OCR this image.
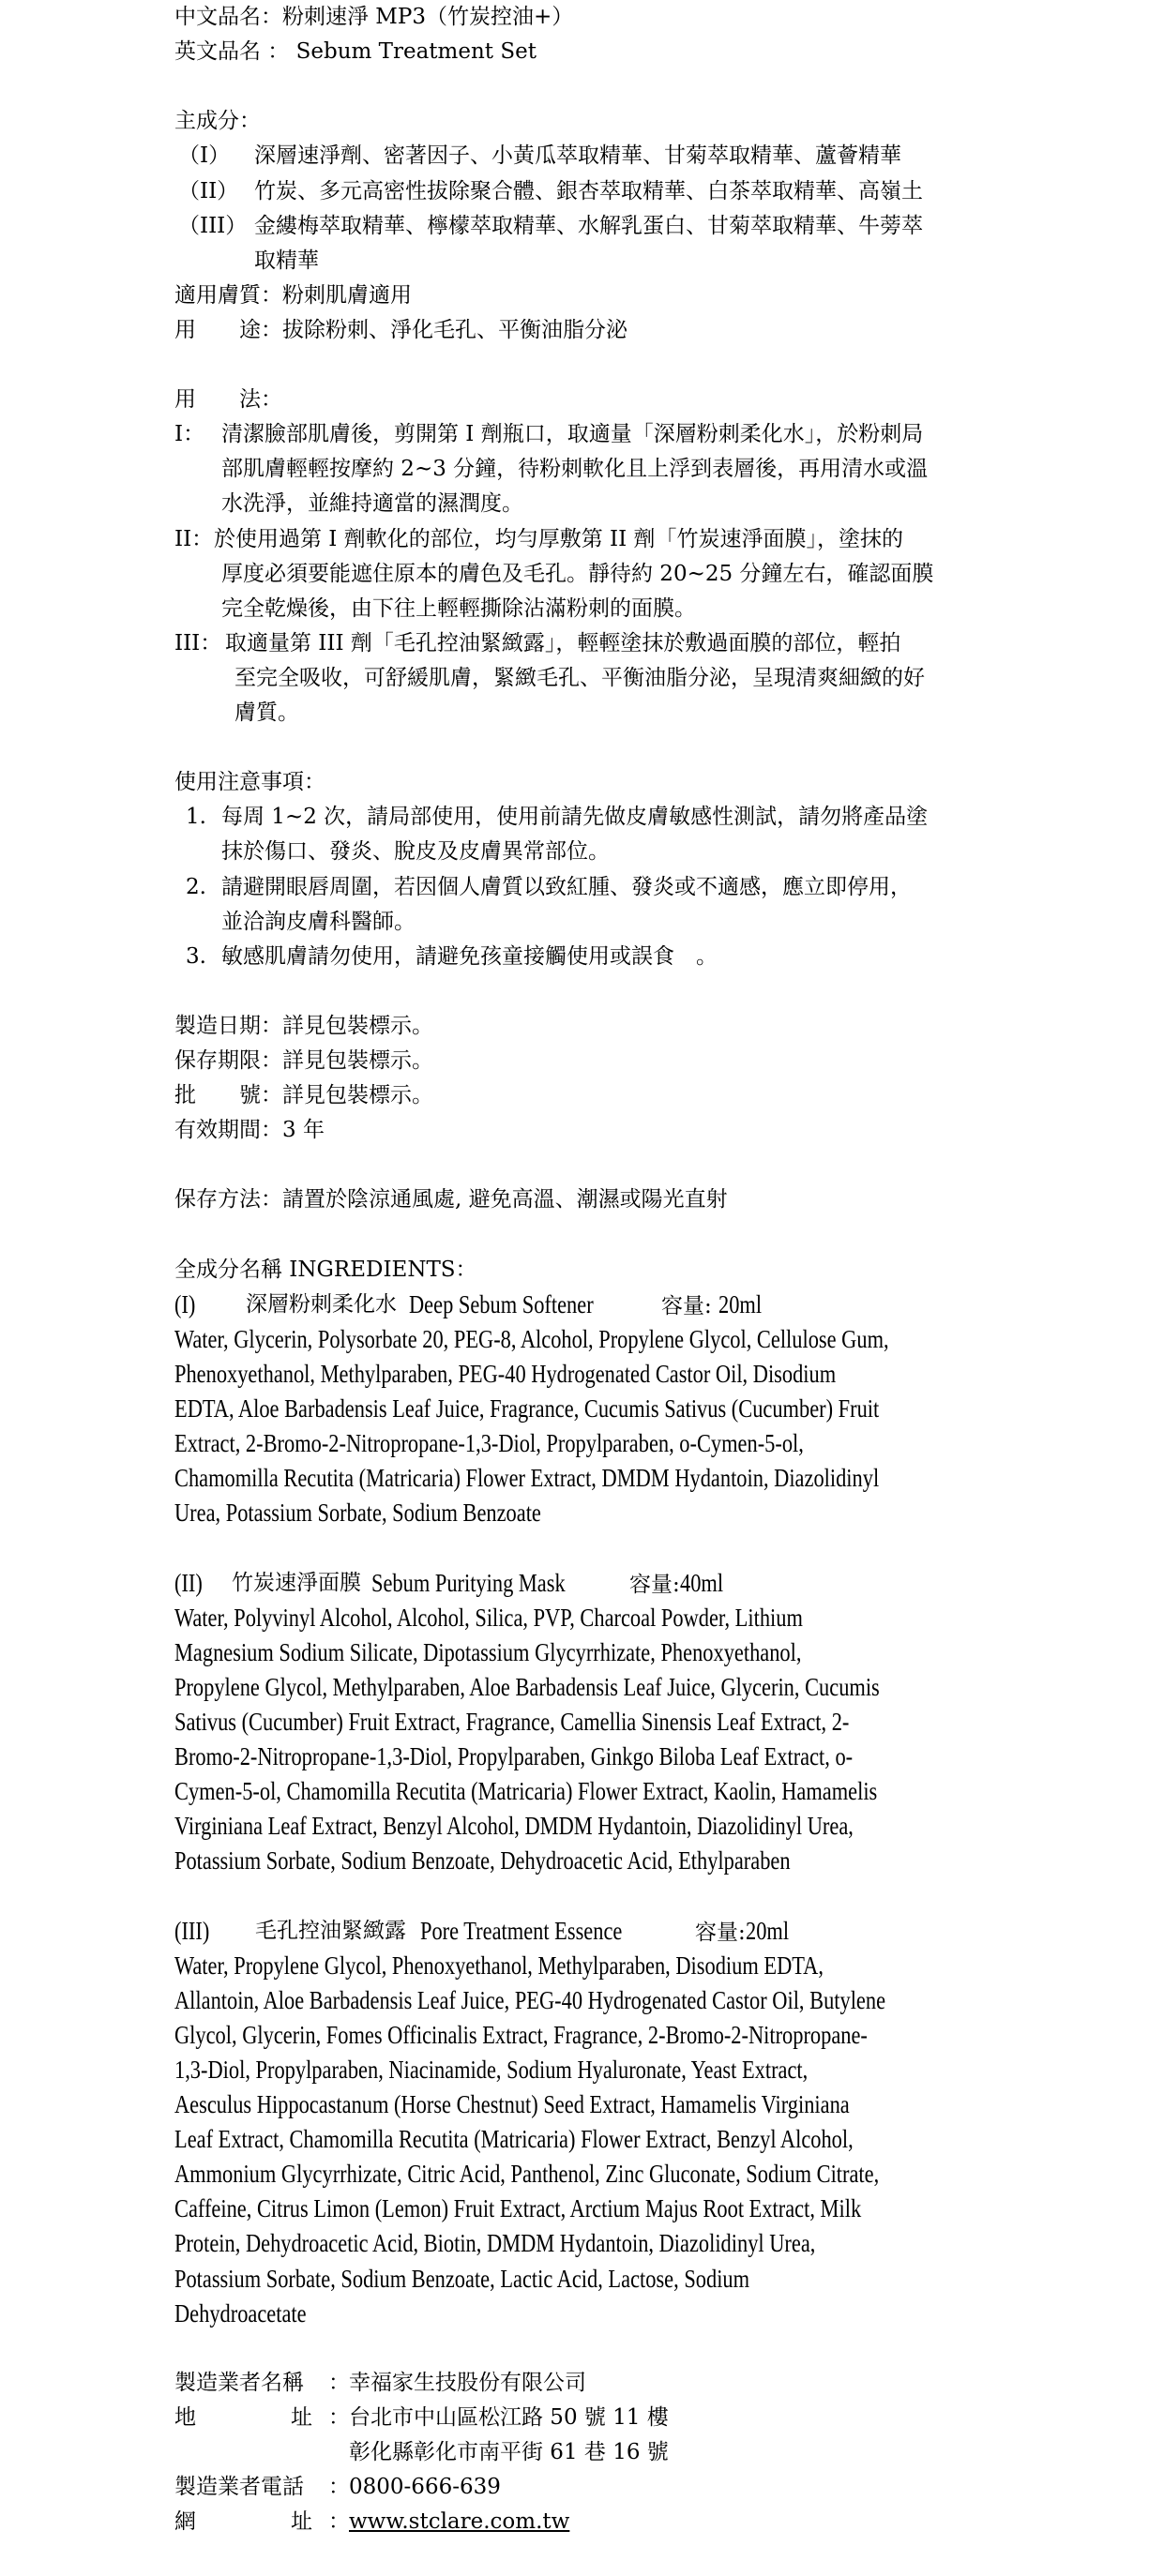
中文品名：粉刺速淨 MP3（竹炭控油+）
英文品名 ： Sebum Treatment Set
主成分：
（I） 深層速淨劑、密著因子、小黃瓜萃取精華、甘菊萃取精華、蘆薈精華
（II） 竹炭、多元高密性拔除聚合體、銀杏萃取精華、白茶萃取精華、高嶺土
（III） 金縷梅萃取精華、檸檬萃取精華、水解乳蛋白、甘菊萃取精華、牛蒡萃
取精華
適用膚質：粉刺肌膚適用
用　　途：拔除粉刺、淨化毛孔、平衡油脂分泌
用　　法：
I： 清潔臉部肌膚後，剪開第 I 劑瓶口，取適量「深層粉刺柔化水」，於粉刺局
部肌膚輕輕按摩約 2~3 分鐘，待粉刺軟化且上浮到表層後，再用清水或溫
水洗淨，並維持適當的濕潤度。
II： 於使用過第 I 劑軟化的部位，均勻厚敷第 II 劑「竹炭速淨面膜」，塗抹的
厚度必須要能遮住原本的膚色及毛孔。靜待約 20~25 分鐘左右，確認面膜
完全乾燥後，由下往上輕輕撕除沾滿粉刺的面膜。
III： 取適量第 III 劑「毛孔控油緊緻露」，輕輕塗抹於敷過面膜的部位，輕拍
至完全吸收，可舒緩肌膚，緊緻毛孔、平衡油脂分泌，呈現清爽細緻的好
膚質。
使用注意事項：
1. 每周 1~2 次，請局部使用，使用前請先做皮膚敏感性測試，請勿將產品塗
抹於傷口、發炎、脫皮及皮膚異常部位。
2. 請避開眼唇周圍，若因個人膚質以致紅腫、發炎或不適感，應立即停用，
並洽詢皮膚科醫師。
3. 敏感肌膚請勿使用，請避免孩童接觸使用或誤食　。
製造日期：詳見包裝標示。
保存期限：詳見包裝標示。
批　　號：詳見包裝標示。
有效期間：3 年
保存方法：請置於陰涼通風處, 避免高溫、潮濕或陽光直射
全成分名稱 INGREDIENTS：
(I) 深層粉刺柔化水 Deep Sebum Softener	容量: 20ml
Water, Glycerin, Polysorbate 20, PEG-8, Alcohol, Propylene Glycol, Cellulose Gum,
Phenoxyethanol, Methylparaben, PEG-40 Hydrogenated Castor Oil, Disodium
EDTA, Aloe Barbadensis Leaf Juice, Fragrance, Cucumis Sativus (Cucumber) Fruit
Extract, 2-Bromo-2-Nitropropane-1,3-Diol, Propylparaben, o-Cymen-5-ol,
Chamomilla Recutita (Matricaria) Flower Extract, DMDM Hydantoin, Diazolidinyl
Urea, Potassium Sorbate, Sodium Benzoate
(II) 竹炭速淨面膜 Sebum Puritying Mask	容量:40ml
Water, Polyvinyl Alcohol, Alcohol, Silica, PVP, Charcoal Powder, Lithium
Magnesium Sodium Silicate, Dipotassium Glycyrrhizate, Phenoxyethanol,
Propylene Glycol, Methylparaben, Aloe Barbadensis Leaf Juice, Glycerin, Cucumis
Sativus (Cucumber) Fruit Extract, Fragrance, Camellia Sinensis Leaf Extract, 2-
Bromo-2-Nitropropane-1,3-Diol, Propylparaben, Ginkgo Biloba Leaf Extract, o-
Cymen-5-ol, Chamomilla Recutita (Matricaria) Flower Extract, Kaolin, Hamamelis
Virginiana Leaf Extract, Benzyl Alcohol, DMDM Hydantoin, Diazolidinyl Urea,
Potassium Sorbate, Sodium Benzoate, Dehydroacetic Acid, Ethylparaben
(III) 毛孔控油緊緻露 Pore Treatment Essence	容量:20ml
Water, Propylene Glycol, Phenoxyethanol, Methylparaben, Disodium EDTA,
Allantoin, Aloe Barbadensis Leaf Juice, PEG-40 Hydrogenated Castor Oil, Butylene
Glycol, Glycerin, Fomes Officinalis Extract, Fragrance, 2-Bromo-2-Nitropropane-
1,3-Diol, Propylparaben, Niacinamide, Sodium Hyaluronate, Yeast Extract,
Aesculus Hippocastanum (Horse Chestnut) Seed Extract, Hamamelis Virginiana
Leaf Extract, Chamomilla Recutita (Matricaria) Flower Extract, Benzyl Alcohol,
Ammonium Glycyrrhizate, Citric Acid, Panthenol, Zinc Gluconate, Sodium Citrate,
Caffeine, Citrus Limon (Lemon) Fruit Extract, Arctium Majus Root Extract, Milk
Protein, Dehydroacetic Acid, Biotin, DMDM Hydantoin, Diazolidinyl Urea,
Potassium Sorbate, Sodium Benzoate, Lactic Acid, Lactose, Sodium
Dehydroacetate
製造業者名稱 ： 幸福家生技股份有限公司
地	址 ： 台北市中山區松江路 50 號 11 樓
彰化縣彰化市南平街 61 巷 16 號
製造業者電話 ： 0800-666-639
網	址 ： www.stclare.com.tw
